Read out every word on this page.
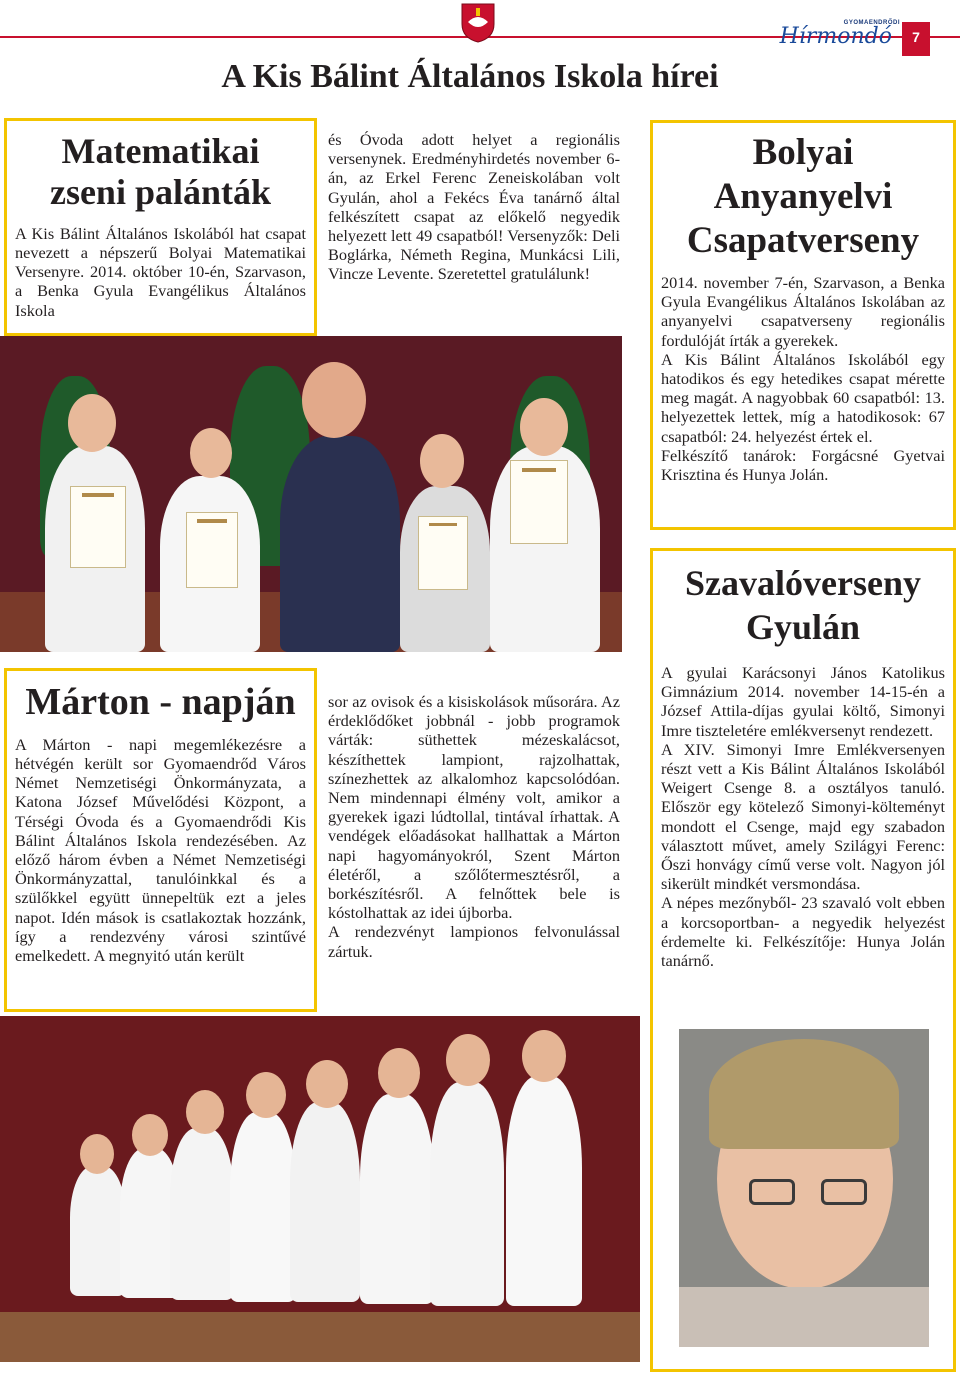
GYOMAENDRŐDI
Hírmondó	7
A Kis Bálint Általános Iskola hírei
Matematikai
zseni palánták
A Kis Bálint Általános Iskolából hat csapat nevezett a népszerű Bolyai Matematikai Versenyre. 2014. október 10-én, Szarvason, a Benka Gyula Evangélikus Általános Iskola
és Óvoda adott helyet a regionális versenynek. Eredményhirdetés november 6-án, az Erkel Ferenc Zeneiskolában volt Gyulán, ahol a Fekécs Éva tanárnő által felkészített csapat az előkelő negyedik helyezett lett 49 csapatból! Versenyzők: Deli Boglárka, Németh Regina, Munkácsi Lili, Vincze Levente. Szeretettel gratulálunk!
Bolyai
Anyanyelvi
Csapatverseny

2014. november 7-én, Szarvason, a Benka Gyula Evangélikus Általános Iskolában az anyanyelvi csapatverseny regionális fordulóját írták a gyerekek.

A Kis Bálint Általános Iskolából egy hatodikos és egy hetedikes csapat mérette meg magát. A nagyobbak 60 csapatból: 13. helyezettek lettek, míg a hatodikosok: 67 csapatból: 24. helyezést értek el.

Felkészítő tanárok: Forgácsné Gyetvai Krisztina és Hunya Jolán.

Szavalóverseny
Gyulán

A gyulai Karácsonyi János Katolikus Gimnázium 2014. november 14-15-én a József Attila-díjas gyulai költő, Simonyi Imre tiszteletére emlékversenyt rendezett.

A XIV. Simonyi Imre Emlékversenyen részt vett a Kis Bálint Általános Iskolából Weigert Csenge 8. a osztályos tanuló. Először egy kötelező Simonyi-költeményt mondott el Csenge, majd egy szabadon választott művet, amely Szilágyi Ferenc: Őszi honvágy című verse volt. Nagyon jól sikerült mindkét versmondása.

A népes mezőnyből- 23 szavaló volt ebben a korcsoportban- a negyedik helyezést érdemelte ki. Felkészítője: Hunya Jolán tanárnő.

Márton - napján
A Márton - napi megemlékezésre a hétvégén került sor Gyomaendrőd Város Német Nemzetiségi Önkormányzata, a Katona József Művelődési Központ, a Térségi Óvoda és a Gyomaendrődi Kis Bálint Általános Iskola rendezésében. Az előző három évben a Német Nemzetiségi Önkormányzattal, tanulóinkkal és a szülőkkel együtt ünnepeltük ezt a jeles napot. Idén mások is csatlakoztak hozzánk, így a rendezvény városi szintűvé emelkedett. A megnyitó után került

sor az ovisok és a kisiskolások műsorára. Az érdeklődőket jobbnál - jobb programok várták: süthettek mézeskalácsot, készíthettek lampiont, rajzolhattak, színezhettek az alkalomhoz kapcsolódóan. Nem mindennapi élmény volt, amikor a gyerekek igazi lúdtollal, tintával írhattak. A vendégek előadásokat hallhattak a Márton napi hagyományokról, Szent Márton életéről, a szőlőtermesztésről, a borkészítésről. A felnőttek bele is kóstolhattak az idei újborba.

A rendezvényt lampionos felvonulással zártuk.
